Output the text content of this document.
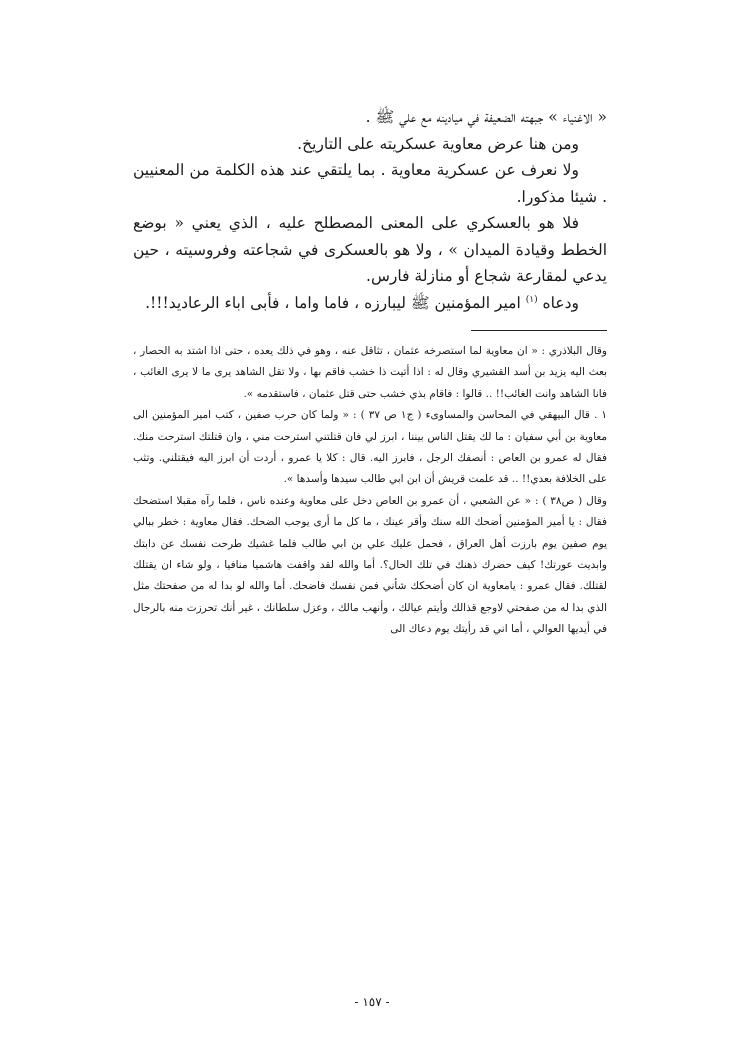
« الاغنياء » جبهته الضعيفة في ميادينه مع علي ﷺ .

ومن هنا عرض معاوية عسكريته على التاريخ.

ولا نعرف عن عسكرية معاوية . بما يلتقي عند هذه الكلمة من المعنيين . شيئا مذكورا.

فلا هو بالعسكري على المعنى المصطلح عليه ، الذي يعني « بوضع الخطط وقيادة الميدان » ، ولا هو بالعسكرى في شجاعته وفروسيته ، حين يدعي لمقارعة شجاع أو منازلة فارس.

ودعاه $^{(١)}$ امير المؤمنين ﷺ ليبارزه ، فاما واما ، فأبى اباء الرعاديد!!!.

وقال البلاذري : « ان معاوية لما استصرخه عثمان ، تثاقل عنه ، وهو في ذلك يعده ، حتى اذا اشتد به الحصار ، بعث اليه يزيد بن أسد القشيري وقال له : اذا أتيت ذا خشب فاقم بها ، ولا تقل الشاهد يرى ما لا يرى الغائب ، فانا الشاهد وانت الغائب!! .. قالوا : فاقام بذي خشب حتى قتل عثمان ، فاستقدمه ».

١ . قال البيهقي في المحاسن والمساوىء ( ج١ ص ٣٧ ) : « ولما كان حرب صفين ، كتب امير المؤمنين الى معاوية بن أبي سفيان : ما لك يقتل الناس بيننا ، ابرز لي فان قتلتني استرحت مني ، وان قتلتك استرحت منك. فقال له عمرو بن العاص : أنصفك الرجل ، فابرز اليه. قال : كلا يا عمرو ، أردت أن ابرز اليه فيقتلني. وتثب على الخلافة بعدي!! .. قد علمت قريش أن ابن ابي طالب سيدها وأسدها ».

وقال ( ص٣٨ ) : « عن الشعبي ، أن عمرو بن العاص دخل على معاوية وعنده ناس ، فلما رآه مقبلا استضحك فقال : يا أمير المؤمنين أضحك الله سنك وأقر عينك ، ما كل ما أرى يوجب الضحك. فقال معاوية : خطر ببالي يوم صفين يوم بارزت أهل العراق ، فحمل عليك علي بن ابي طالب فلما غشيك طرحت نفسك عن دابتك وابديت عورتك! كيف حضرك ذهنك في تلك الحال؟. أما والله لقد واقفت هاشميا منافيا ، ولو شاء ان يقتلك لقتلك. فقال عمرو : يامعاوية ان كان أضحكك شأني فمن نفسك فاضحك. أما والله لو بدا له من صفحتك مثل الذي بدا له من صفحتي لاوجع قذالك وأيتم عيالك ، وأنهب مالك ، وعزل سلطانك ، غير أنك تحرزت منه بالرجال في أيديها العوالي ، أما اني قد رأيتك يوم دعاك الى

- ١٥٧ -
